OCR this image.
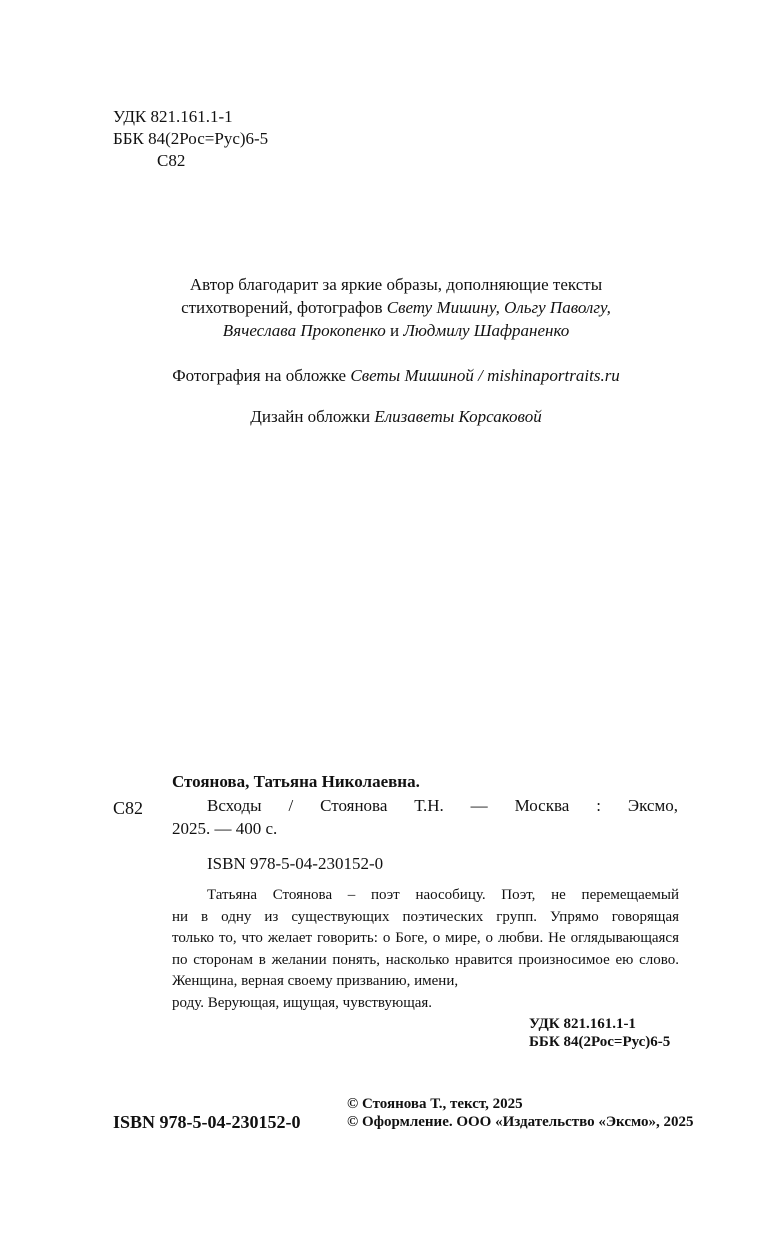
УДК 821.161.1-1
ББК 84(2Рос=Рус)6-5
С82
Автор благодарит за яркие образы, дополняющие тексты
стихотворений, фотографов Свету Мишину, Ольгу Паволгу,
Вячеслава Прокопенко и Людмилу Шафраненко
Фотография на обложке Светы Мишиной / mishinaportraits.ru
Дизайн обложки Елизаветы Корсаковой
Стоянова, Татьяна Николаевна.
С82	Всходы / Стоянова Т.Н. — Москва : Эксмо,
2025. — 400 с.
ISBN 978-5-04-230152-0
Татьяна Стоянова – поэт наособицу. Поэт, не перемещаемый
ни в одну из существующих поэтических групп. Упрямо говорящая
только то, что желает говорить: о Боге, о мире, о любви. Не оглядывающаяся по сторонам в желании понять, насколько нравится произносимое ею слово. Женщина, верная своему призванию, имени,
роду. Верующая, ищущая, чувствующая.
УДК 821.161.1-1
ББК 84(2Рос=Рус)6-5
ISBN 978-5-04-230152-0
© Стоянова Т., текст, 2025
© Оформление. ООО «Издательство «Эксмо», 2025
